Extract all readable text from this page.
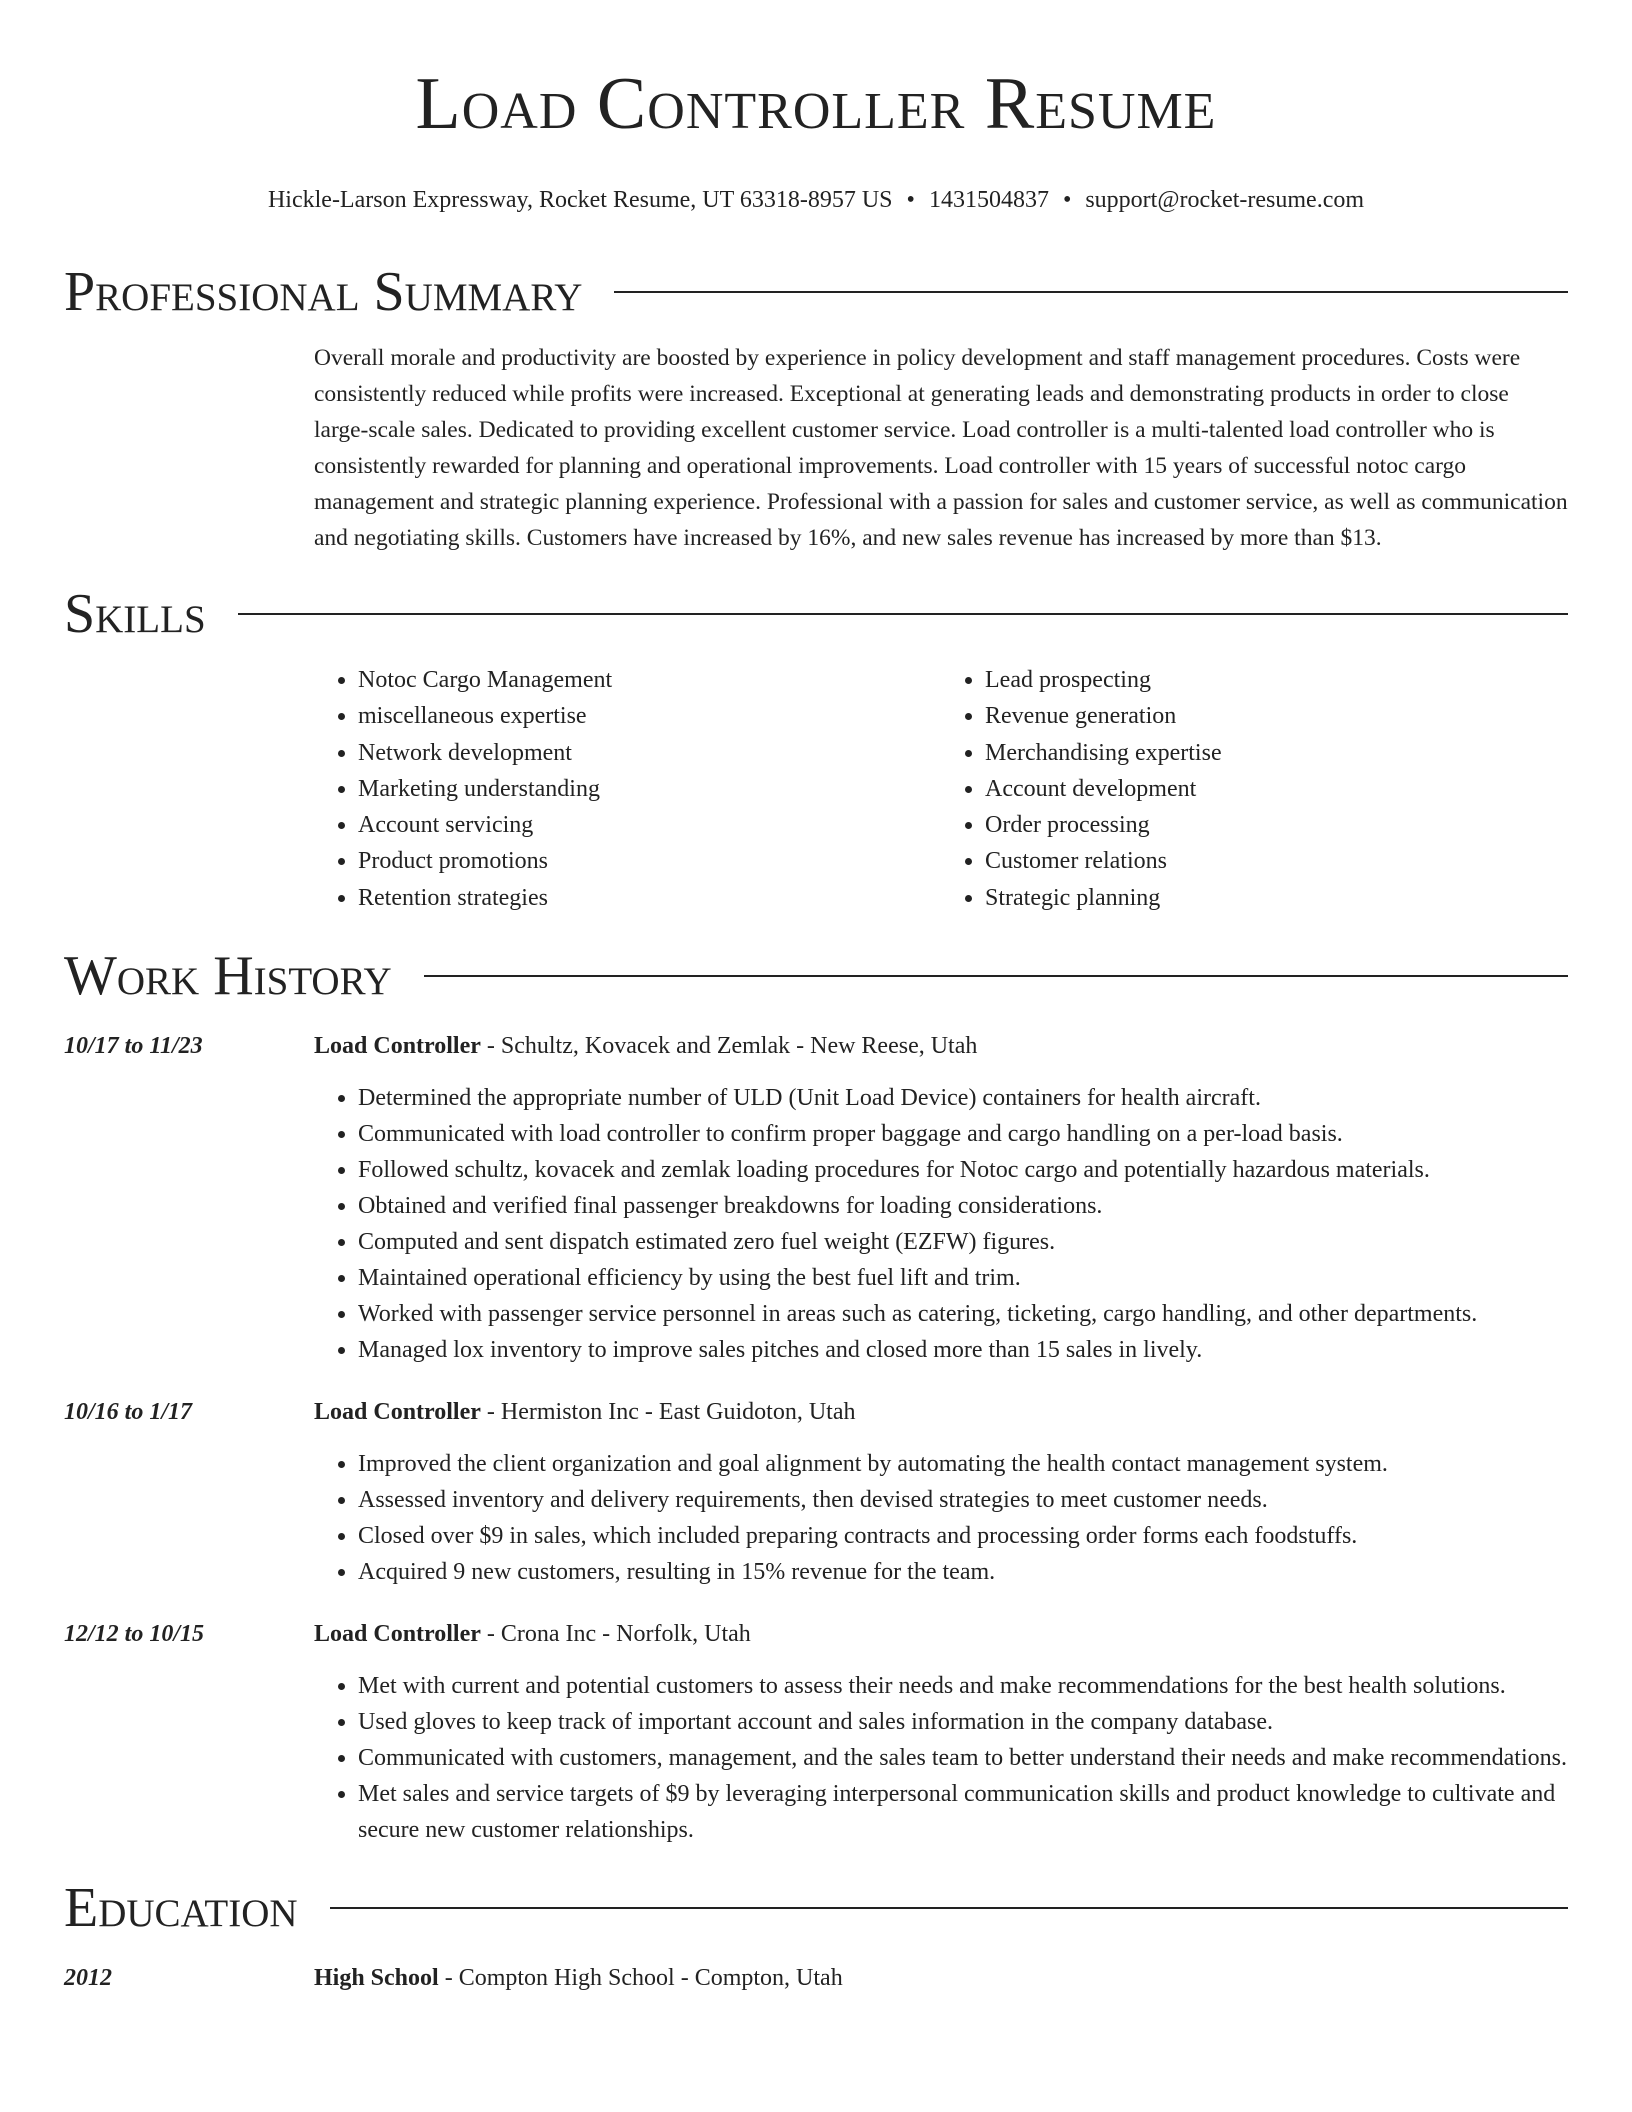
Load Controller Resume
Hickle-Larson Expressway, Rocket Resume, UT 63318-8957 US • 1431504837 • support@rocket-resume.com
Professional Summary
Overall morale and productivity are boosted by experience in policy development and staff management procedures. Costs were consistently reduced while profits were increased. Exceptional at generating leads and demonstrating products in order to close large-scale sales. Dedicated to providing excellent customer service. Load controller is a multi-talented load controller who is consistently rewarded for planning and operational improvements. Load controller with 15 years of successful notoc cargo management and strategic planning experience. Professional with a passion for sales and customer service, as well as communication and negotiating skills. Customers have increased by 16%, and new sales revenue has increased by more than $13.
Skills
• Notoc Cargo Management
• miscellaneous expertise
• Network development
• Marketing understanding
• Account servicing
• Product promotions
• Retention strategies
• Lead prospecting
• Revenue generation
• Merchandising expertise
• Account development
• Order processing
• Customer relations
• Strategic planning
Work History
10/17 to 11/23	Load Controller - Schultz, Kovacek and Zemlak - New Reese, Utah
• Determined the appropriate number of ULD (Unit Load Device) containers for health aircraft.
• Communicated with load controller to confirm proper baggage and cargo handling on a per-load basis.
• Followed schultz, kovacek and zemlak loading procedures for Notoc cargo and potentially hazardous materials.
• Obtained and verified final passenger breakdowns for loading considerations.
• Computed and sent dispatch estimated zero fuel weight (EZFW) figures.
• Maintained operational efficiency by using the best fuel lift and trim.
• Worked with passenger service personnel in areas such as catering, ticketing, cargo handling, and other departments.
• Managed lox inventory to improve sales pitches and closed more than 15 sales in lively.
10/16 to 1/17	Load Controller - Hermiston Inc - East Guidoton, Utah
• Improved the client organization and goal alignment by automating the health contact management system.
• Assessed inventory and delivery requirements, then devised strategies to meet customer needs.
• Closed over $9 in sales, which included preparing contracts and processing order forms each foodstuffs.
• Acquired 9 new customers, resulting in 15% revenue for the team.
12/12 to 10/15	Load Controller - Crona Inc - Norfolk, Utah
• Met with current and potential customers to assess their needs and make recommendations for the best health solutions.
• Used gloves to keep track of important account and sales information in the company database.
• Communicated with customers, management, and the sales team to better understand their needs and make recommendations.
• Met sales and service targets of $9 by leveraging interpersonal communication skills and product knowledge to cultivate and secure new customer relationships.
Education
2012	High School - Compton High School - Compton, Utah
